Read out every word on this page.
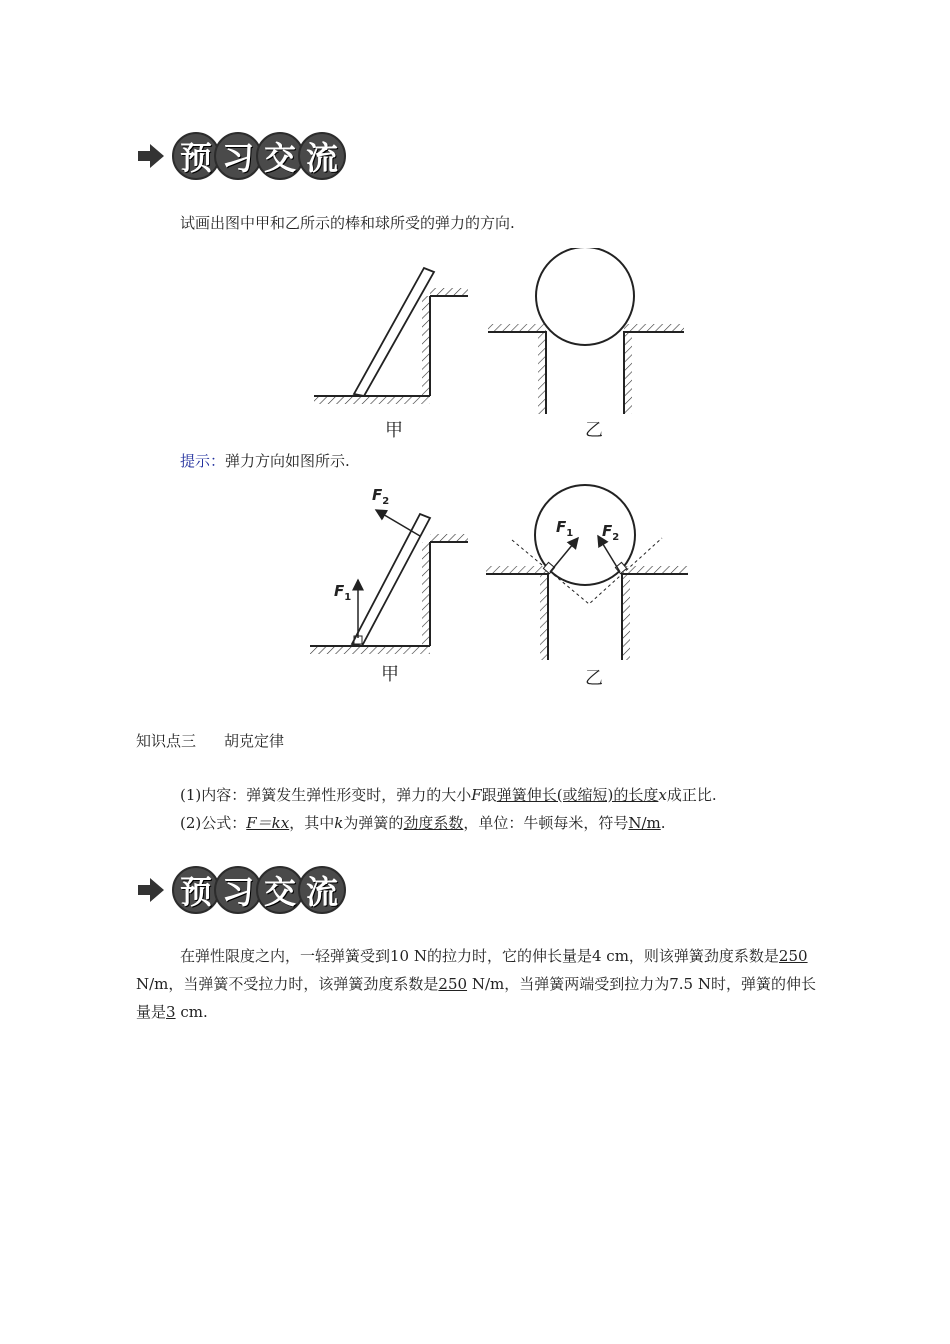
预 习 交 流
试画出图中甲和乙所示的棒和球所受的弹力的方向.
甲	乙
提示：弹力方向如图所示.
$F_1$
$F_2$
$F_1$ $F_2$
甲	乙
知识点三 胡克定律
(1)内容：弹簧发生弹性形变时，弹力的大小F跟弹簧伸长(或缩短)的长度x成正比.
(2)公式：F＝kx，其中k为弹簧的劲度系数，单位：牛顿每米，符号N/m.
预 习 交 流
在弹性限度之内，一轻弹簧受到10 N的拉力时，它的伸长量是4 cm，则该弹簧劲度系数是250 N/m，当弹簧不受拉力时，该弹簧劲度系数是250 N/m，当弹簧两端受到拉力为7.5 N时，弹簧的伸长量是3 cm.
